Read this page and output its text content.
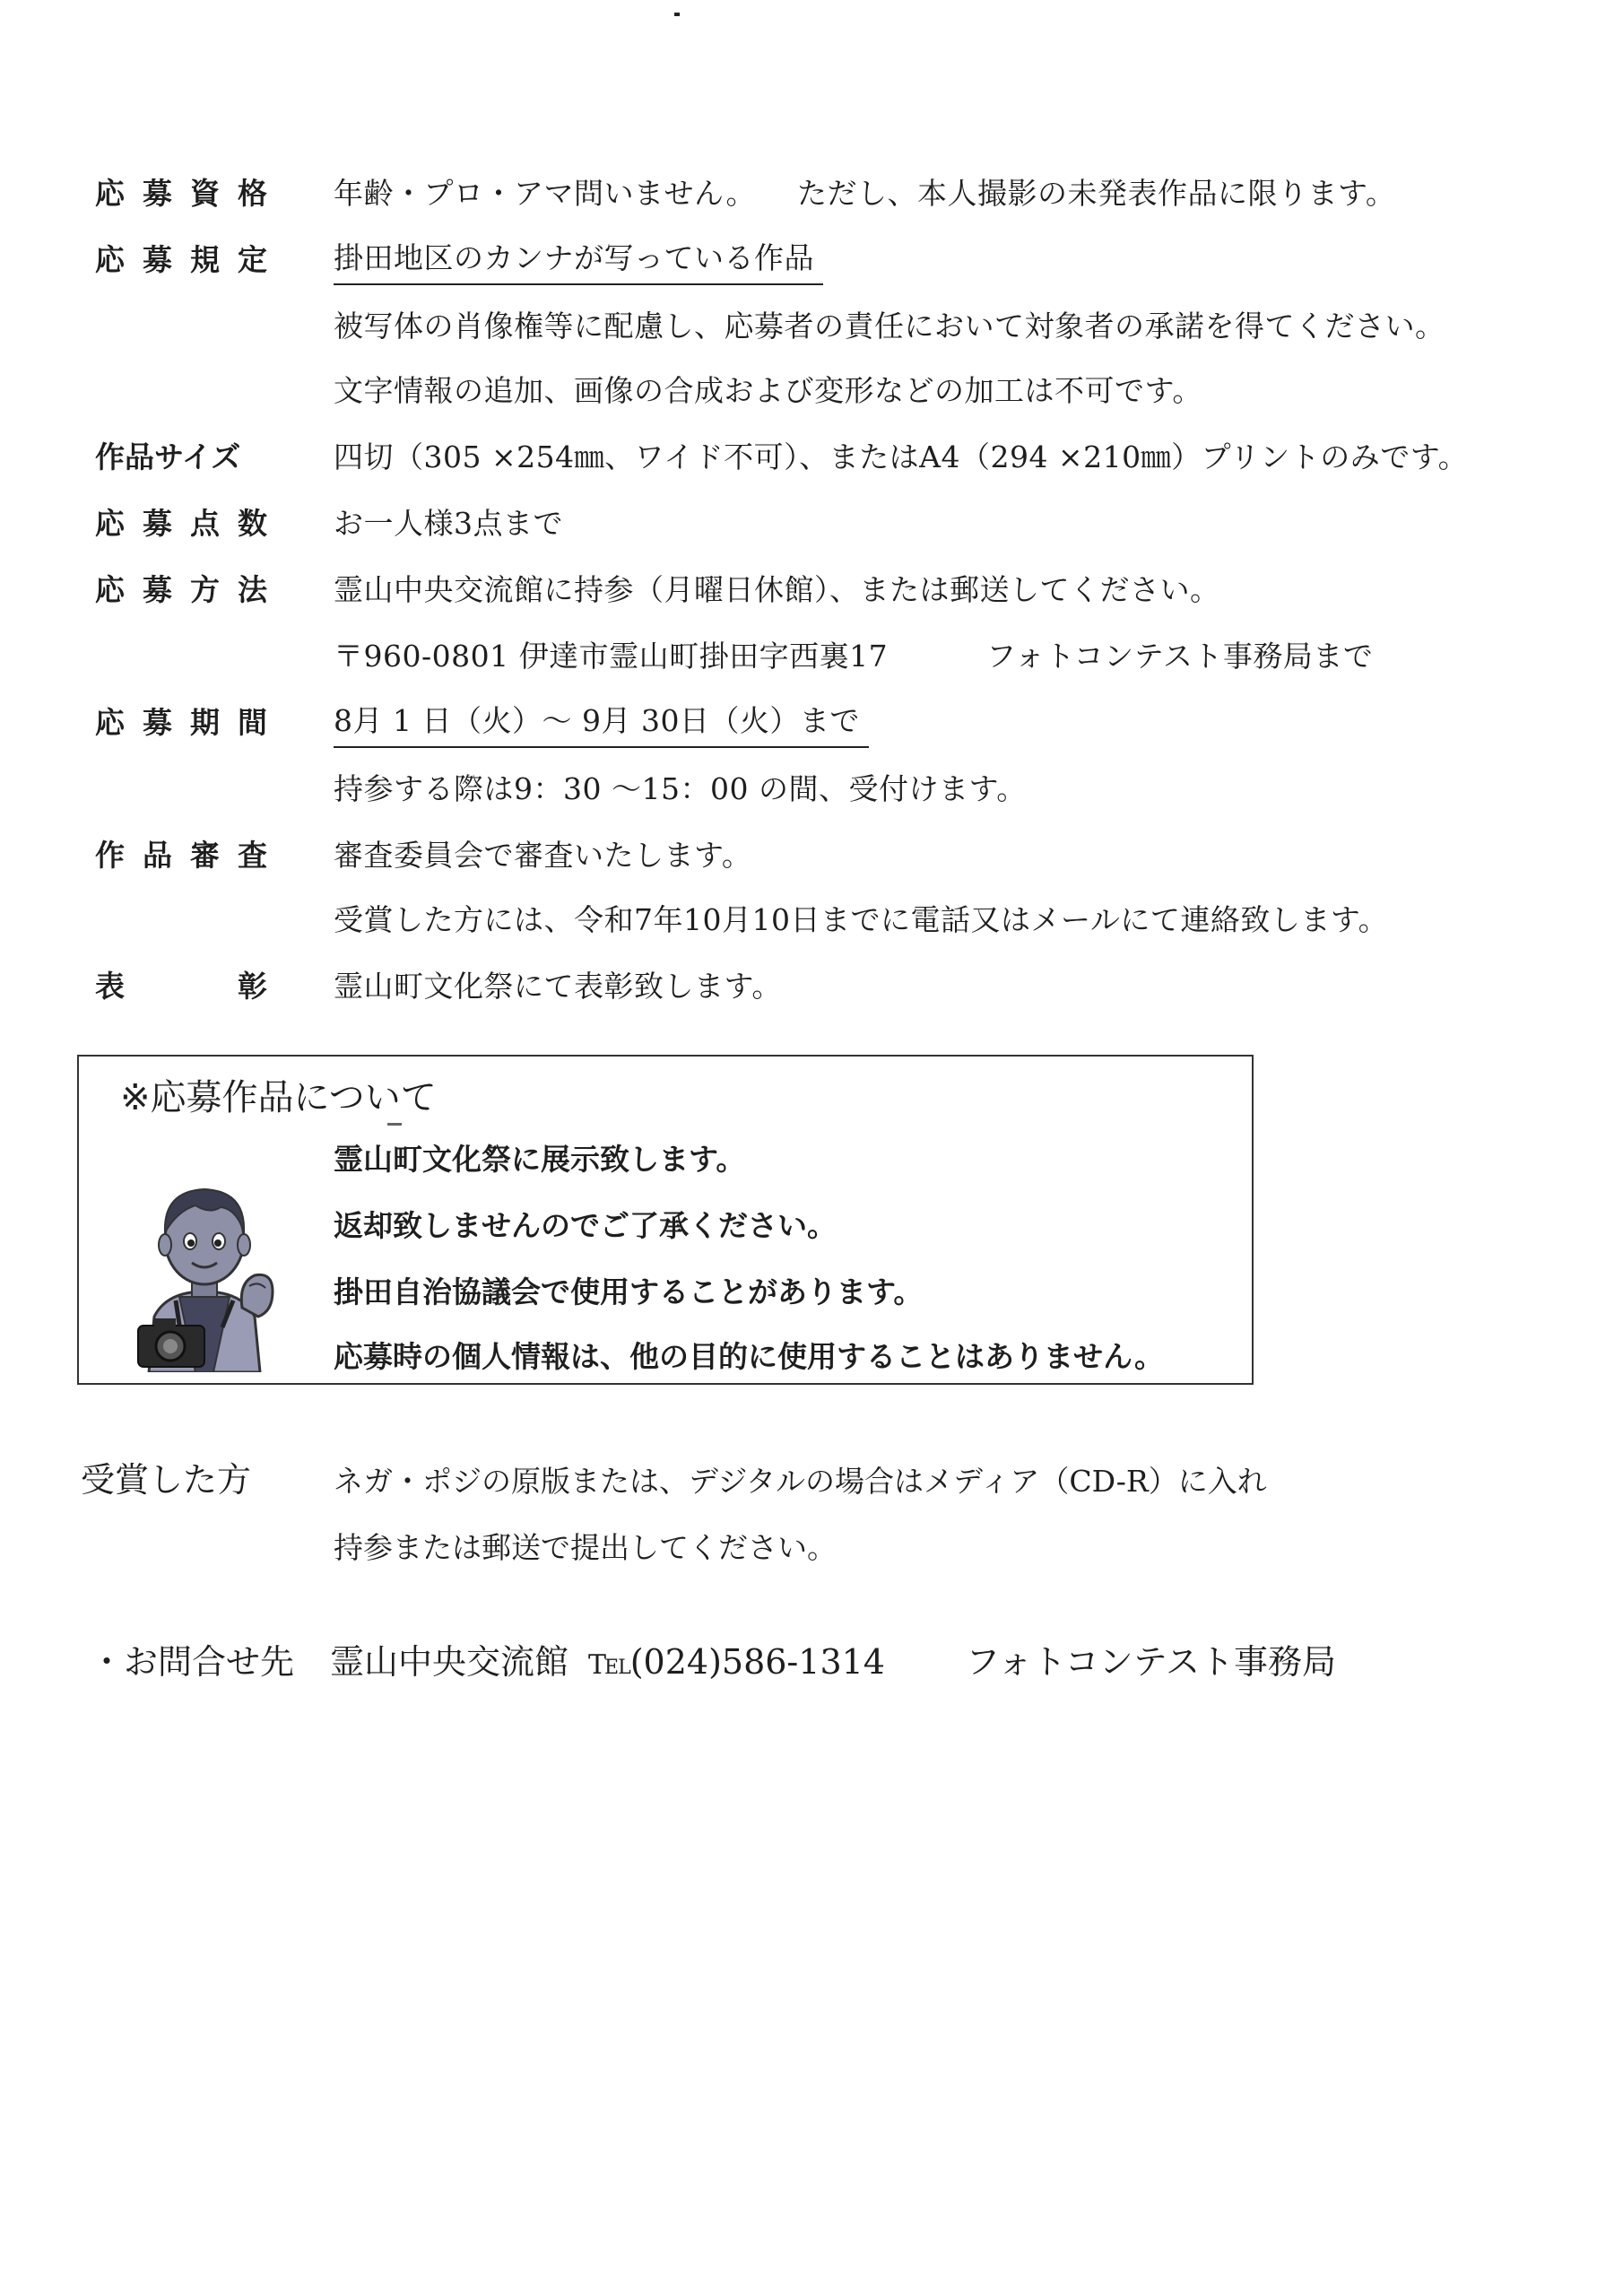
応 募 資 格 年齢・プロ・アマ問いません。 ただし、本人撮影の未発表作品に限ります。
応 募 規 定 掛田地区のカンナが写っている作品
被写体の肖像権等に配慮し、応募者の責任において対象者の承諾を得てください。
文字情報の追加、画像の合成および変形などの加工は不可です。
作品サイズ	四切（305 ×254㎜、ワイド不可）、またはA4（294 ×210㎜）プリントのみです。
応 募 点 数 お一人様3点まで
応 募 方 法 霊山中央交流館に持参（月曜日休館）、または郵送してください。
〒960-0801 伊達市霊山町掛田字西裏17	フォトコンテスト事務局まで
応 募 期 間 8月 1 日（火）～ 9月 30日（火）まで
持参する際は9：30 ～15：00 の間、受付けます。
作 品 審 査 審査委員会で審査いたします。
受賞した方には、令和7年10月10日までに電話又はメールにて連絡致します。
表	彰 霊山町文化祭にて表彰致します。
※応募作品について
霊山町文化祭に展示致します。
返却致しませんのでご了承ください。
掛田自治協議会で使用することがあります。
応募時の個人情報は、他の目的に使用することはありません。
受賞した方	ネガ・ポジの原版または、デジタルの場合はメディア（CD-R）に入れ
持参または郵送で提出してください。
・お問合せ先 霊山中央交流館 TEL(024)586-1314 フォトコンテスト事務局
